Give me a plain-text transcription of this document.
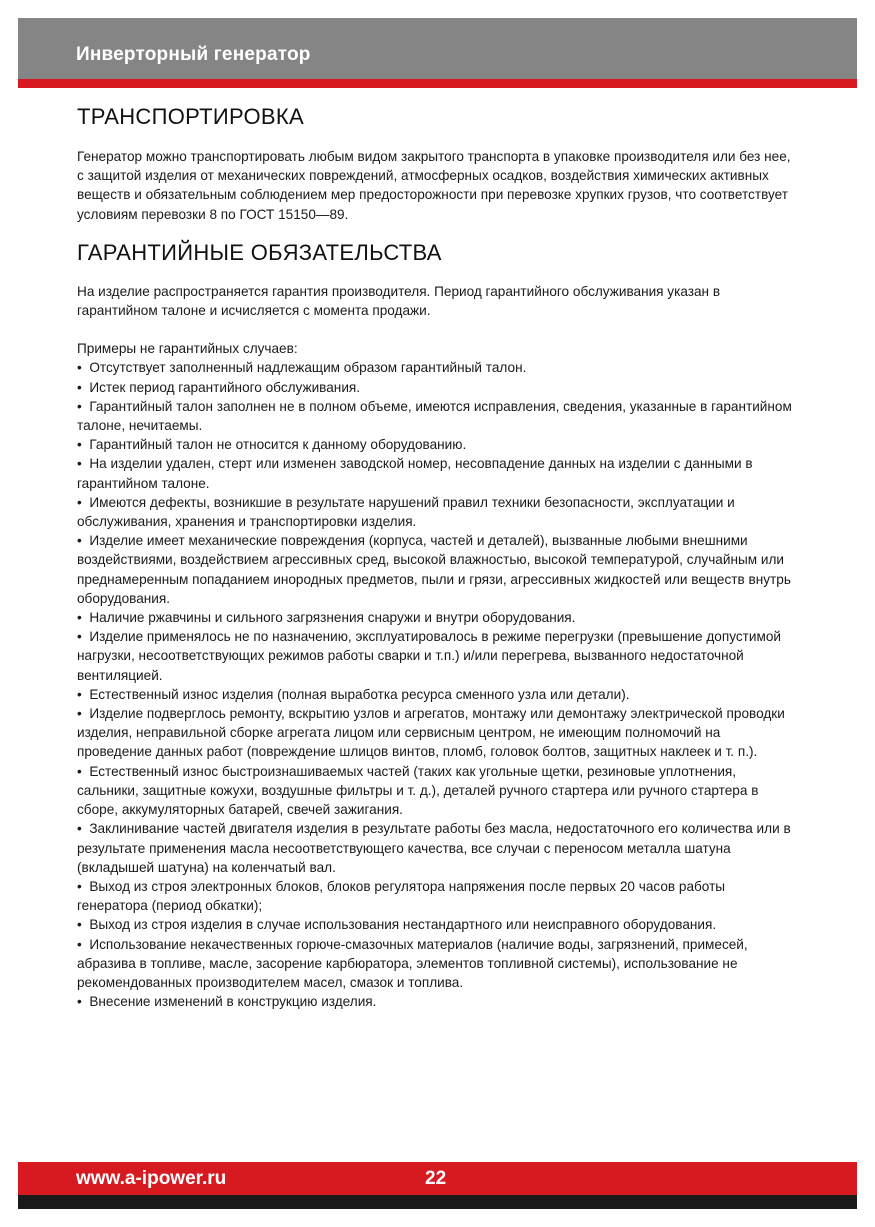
Инверторный генератор
ТРАНСПОРТИРОВКА

Генератор можно транспортировать любым видом закрытого транспорта в упаковке производителя или без нее, с защитой изделия от механических повреждений, атмосферных осадков, воздействия химических активных веществ и обязательным соблюдением мер предосторожности при перевозке хрупких грузов, что соответствует условиям перевозки 8 по ГОСТ 15150—89.

ГАРАНТИЙНЫЕ ОБЯЗАТЕЛЬСТВА

На изделие распространяется гарантия производителя. Период гарантийного обслуживания указан в гарантийном талоне и исчисляется с момента продажи.

Примеры не гарантийных случаев:

•  Отсутствует заполненный надлежащим образом гарантийный талон.
•  Истек период гарантийного обслуживания.
•  Гарантийный талон заполнен не в полном объеме, имеются исправления, сведения, указанные в гарантийном талоне, нечитаемы.
•  Гарантийный талон не относится к данному оборудованию.
•  На изделии удален, стерт или изменен заводской номер, несовпадение данных на изделии с данными в гарантийном талоне.
•  Имеются дефекты, возникшие в результате нарушений правил техники безопасности, эксплуатации и обслуживания, хранения и транспортировки изделия.
•  Изделие имеет механические повреждения (корпуса, частей и деталей), вызванные любыми внешними воздействиями, воздействием агрессивных сред, высокой влажностью, высокой температурой, случайным или преднамеренным попаданием инородных предметов, пыли и грязи, агрессивных жидкостей или веществ внутрь оборудования.
•  Наличие ржавчины и сильного загрязнения снаружи и внутри оборудования.
•  Изделие применялось не по назначению, эксплуатировалось в режиме перегрузки (превышение допустимой нагрузки, несоответствующих режимов работы сварки и т.п.) и/или перегрева, вызванного недостаточной вентиляцией.
•  Естественный износ изделия (полная выработка ресурса сменного узла или детали).
•  Изделие подверглось ремонту, вскрытию узлов и агрегатов, монтажу или демонтажу электрической проводки изделия, неправильной сборке агрегата лицом или сервисным центром, не имеющим полномочий на проведение данных работ (повреждение шлицов винтов, пломб, головок болтов, защитных наклеек и т. п.).
•  Естественный износ быстроизнашиваемых частей (таких как угольные щетки, резиновые уплотнения, сальники, защитные кожухи, воздушные фильтры и т. д.), деталей ручного стартера или ручного стартера в сборе, аккумуляторных батарей, свечей зажигания.
•  Заклинивание частей двигателя изделия в результате работы без масла, недостаточного его количества или в результате применения масла несоответствующего качества, все случаи с переносом металла шатуна (вкладышей шатуна) на коленчатый вал.
•  Выход из строя электронных блоков, блоков регулятора напряжения после первых 20 часов работы генератора (период обкатки);
•  Выход из строя изделия в случае использования нестандартного или неисправного оборудования.
•  Использование некачественных горюче-смазочных материалов (наличие воды, загрязнений, примесей, абразива в топливе, масле, засорение карбюратора, элементов топливной системы), использование не рекомендованных производителем масел, смазок и топлива.
•  Внесение изменений в конструкцию изделия.
www.a-ipower.ru	22
